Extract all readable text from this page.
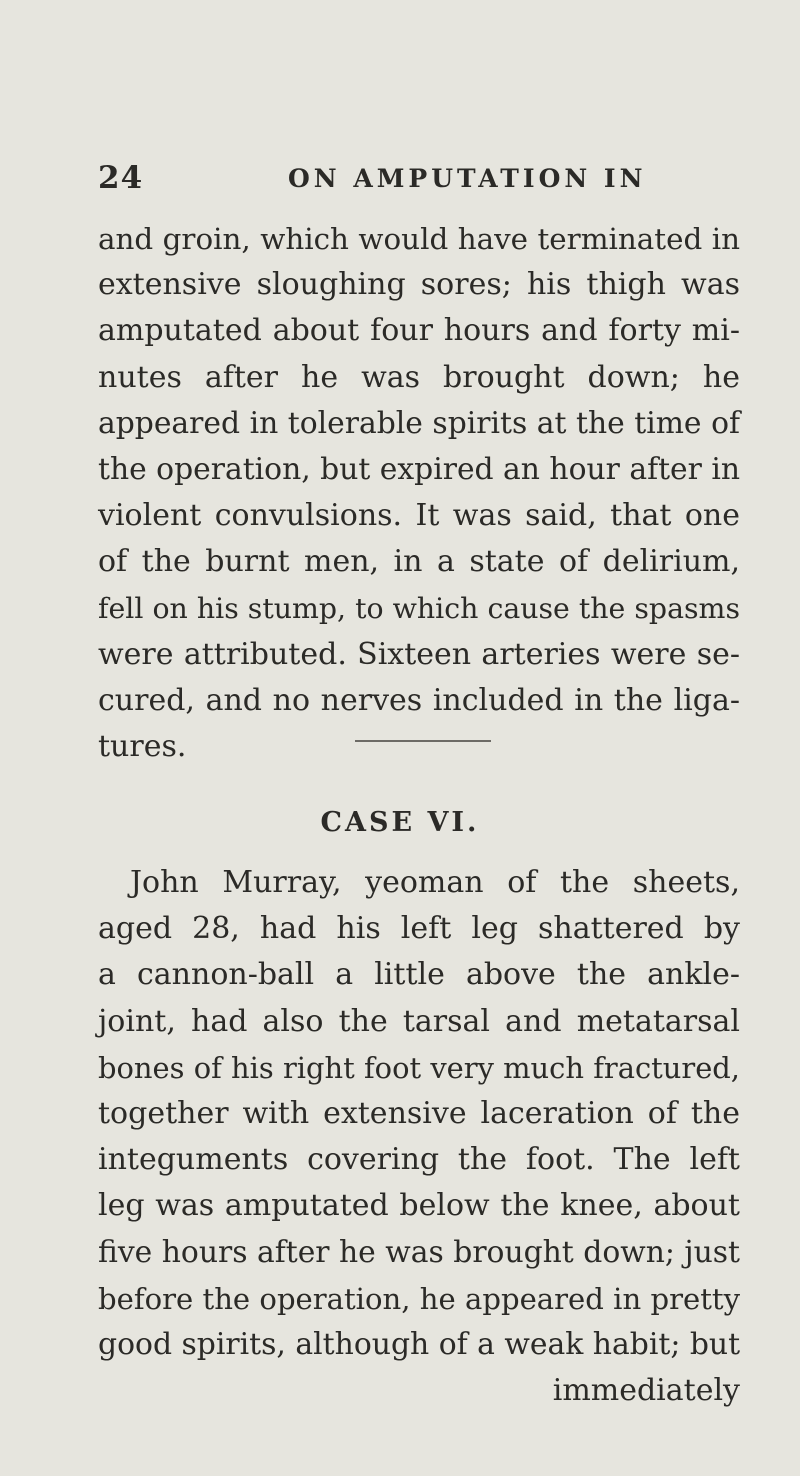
24	ON AMPUTATION IN
and groin, which would have terminated in
extensive sloughing sores; his thigh was
amputated about four hours and forty mi-
nutes after he was brought down; he
appeared in tolerable spirits at the time of
the operation, but expired an hour after in
violent convulsions. It was said, that one
of the burnt men, in a state of delirium,
fell on his stump, to which cause the spasms
were attributed. Sixteen arteries were se-
cured, and no nerves included in the liga-
tures.
CASE VI.
John Murray, yeoman of the sheets,
aged 28, had his left leg shattered by
a cannon-ball a little above the ankle-
joint, had also the tarsal and metatarsal
bones of his right foot very much fractured,
together with extensive laceration of the
integuments covering the foot. The left
leg was amputated below the knee, about
five hours after he was brought down; just
before the operation, he appeared in pretty
good spirits, although of a weak habit; but
immediately
